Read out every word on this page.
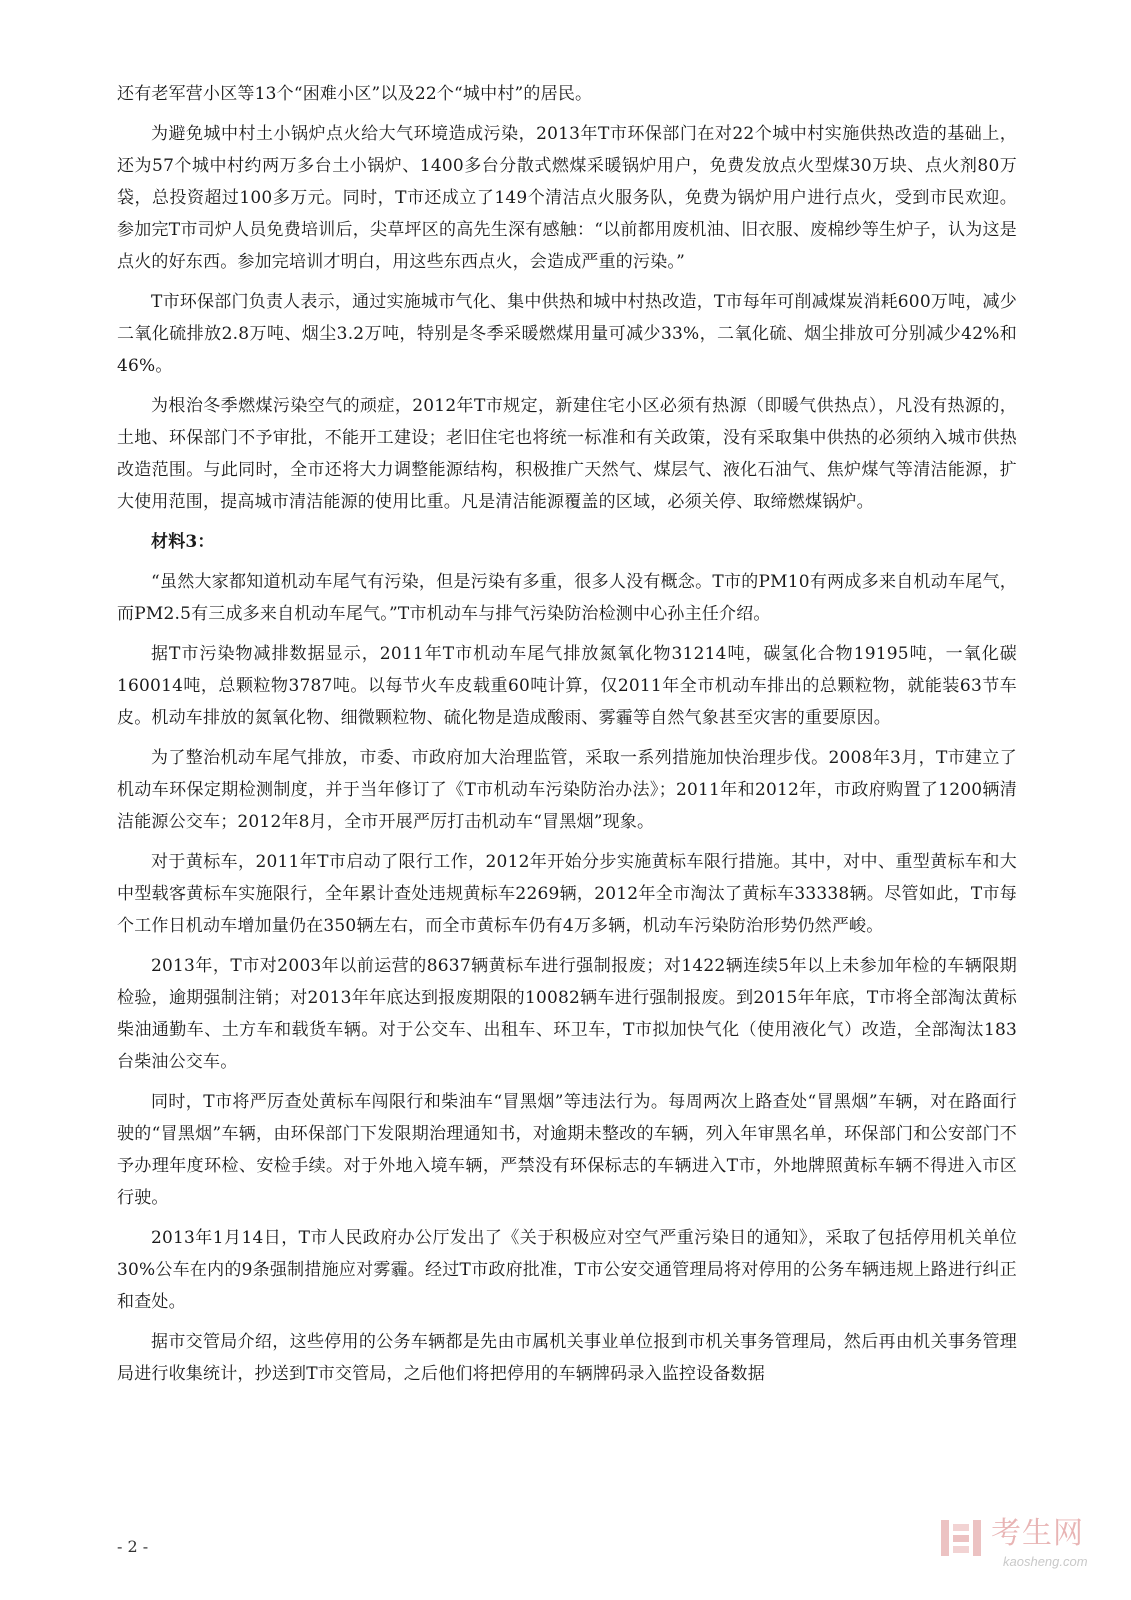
还有老军营小区等13个“困难小区”以及22个“城中村”的居民。

为避免城中村土小锅炉点火给大气环境造成污染，2013年T市环保部门在对22个城中村实施供热改造的基础上，还为57个城中村约两万多台土小锅炉、1400多台分散式燃煤采暖锅炉用户，免费发放点火型煤30万块、点火剂80万袋，总投资超过100多万元。同时，T市还成立了149个清洁点火服务队，免费为锅炉用户进行点火，受到市民欢迎。参加完T市司炉人员免费培训后，尖草坪区的高先生深有感触：“以前都用废机油、旧衣服、废棉纱等生炉子，认为这是点火的好东西。参加完培训才明白，用这些东西点火，会造成严重的污染。”

T市环保部门负责人表示，通过实施城市气化、集中供热和城中村热改造，T市每年可削减煤炭消耗600万吨，减少二氧化硫排放2.8万吨、烟尘3.2万吨，特别是冬季采暖燃煤用量可减少33%，二氧化硫、烟尘排放可分别减少42%和46%。

为根治冬季燃煤污染空气的顽症，2012年T市规定，新建住宅小区必须有热源（即暖气供热点），凡没有热源的，土地、环保部门不予审批，不能开工建设；老旧住宅也将统一标准和有关政策，没有采取集中供热的必须纳入城市供热改造范围。与此同时，全市还将大力调整能源结构，积极推广天然气、煤层气、液化石油气、焦炉煤气等清洁能源，扩大使用范围，提高城市清洁能源的使用比重。凡是清洁能源覆盖的区域，必须关停、取缔燃煤锅炉。

材料3：

“虽然大家都知道机动车尾气有污染，但是污染有多重，很多人没有概念。T市的PM10有两成多来自机动车尾气，而PM2.5有三成多来自机动车尾气。”T市机动车与排气污染防治检测中心孙主任介绍。

据T市污染物减排数据显示，2011年T市机动车尾气排放氮氧化物31214吨，碳氢化合物19195吨，一氧化碳160014吨，总颗粒物3787吨。以每节火车皮载重60吨计算，仅2011年全市机动车排出的总颗粒物，就能装63节车皮。机动车排放的氮氧化物、细微颗粒物、硫化物是造成酸雨、雾霾等自然气象甚至灾害的重要原因。

为了整治机动车尾气排放，市委、市政府加大治理监管，采取一系列措施加快治理步伐。2008年3月，T市建立了机动车环保定期检测制度，并于当年修订了《T市机动车污染防治办法》；2011年和2012年，市政府购置了1200辆清洁能源公交车；2012年8月，全市开展严厉打击机动车“冒黑烟”现象。

对于黄标车，2011年T市启动了限行工作，2012年开始分步实施黄标车限行措施。其中，对中、重型黄标车和大中型载客黄标车实施限行，全年累计查处违规黄标车2269辆，2012年全市淘汰了黄标车33338辆。尽管如此，T市每个工作日机动车增加量仍在350辆左右，而全市黄标车仍有4万多辆，机动车污染防治形势仍然严峻。

2013年，T市对2003年以前运营的8637辆黄标车进行强制报废；对1422辆连续5年以上未参加年检的车辆限期检验，逾期强制注销；对2013年年底达到报废期限的10082辆车进行强制报废。到2015年年底，T市将全部淘汰黄标柴油通勤车、土方车和载货车辆。对于公交车、出租车、环卫车，T市拟加快气化（使用液化气）改造，全部淘汰183台柴油公交车。

同时，T市将严厉查处黄标车闯限行和柴油车“冒黑烟”等违法行为。每周两次上路查处“冒黑烟”车辆，对在路面行驶的“冒黑烟”车辆，由环保部门下发限期治理通知书，对逾期未整改的车辆，列入年审黑名单，环保部门和公安部门不予办理年度环检、安检手续。对于外地入境车辆，严禁没有环保标志的车辆进入T市，外地牌照黄标车辆不得进入市区行驶。

2013年1月14日，T市人民政府办公厅发出了《关于积极应对空气严重污染日的通知》，采取了包括停用机关单位30%公车在内的9条强制措施应对雾霾。经过T市政府批准，T市公安交通管理局将对停用的公务车辆违规上路进行纠正和查处。

据市交管局介绍，这些停用的公务车辆都是先由市属机关事业单位报到市机关事务管理局，然后再由机关事务管理局进行收集统计，抄送到T市交管局，之后他们将把停用的车辆牌码录入监控设备数据

- 2 -	考生网
kaosheng.com
